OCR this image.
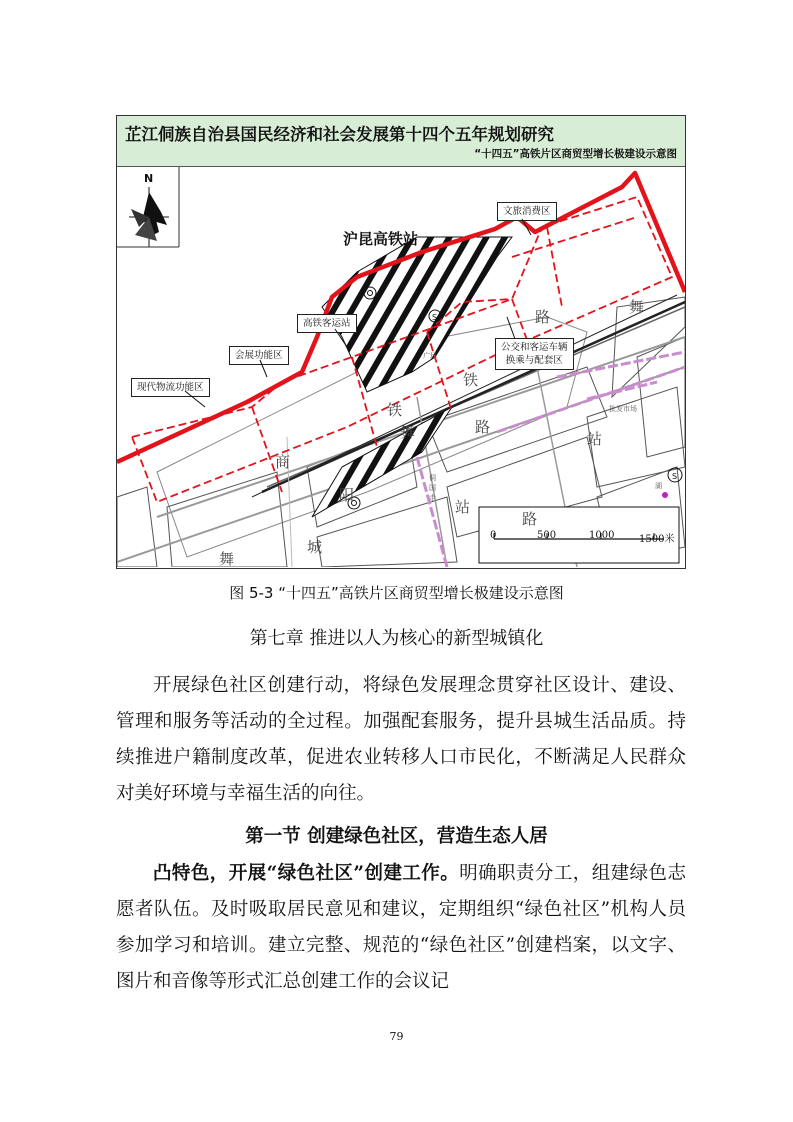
芷江侗族自治县国民经济和社会发展第十四个五年规划研究
“十四五”高铁片区商贸型增长极建设示意图
S
S
N
沪昆高铁站
文旅消费区
高铁客运站
会展功能区
现代物流功能区
公交和客运车辆
换乘与配套区
路
舞
铁
铁
舞	路
站
商
阳
站
路
舞
城
广场
批发市场
侗
国
走
湖
0	500	1000 1500米
图 5-3 “十四五”高铁片区商贸型增长极建设示意图
第七章 推进以人为核心的新型城镇化

开展绿色社区创建行动，将绿色发展理念贯穿社区设计、建设、管理和服务等活动的全过程。加强配套服务，提升县城生活品质。持续推进户籍制度改革，促进农业转移人口市民化，不断满足人民群众对美好环境与幸福生活的向往。

第一节 创建绿色社区，营造生态人居

凸特色，开展“绿色社区”创建工作。明确职责分工，组建绿色志愿者队伍。及时吸取居民意见和建议，定期组织“绿色社区”机构人员参加学习和培训。建立完整、规范的“绿色社区”创建档案，以文字、图片和音像等形式汇总创建工作的会议记

79
